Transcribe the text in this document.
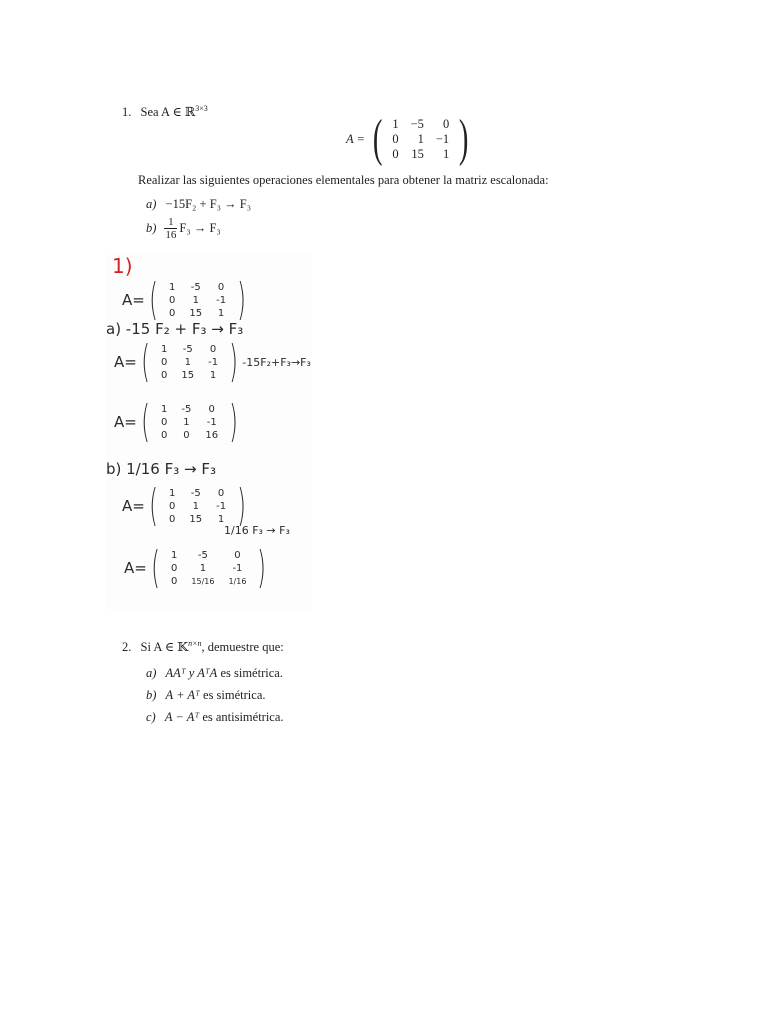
1. Sea A ∈ ℝ$^{3\times 3}$
A = ( 1	−5	0
0	1	−1
0	15	1 )
Realizar las siguientes operaciones elementales para obtener la matriz escalonada:
a) −15F₂ + F₃ → F₃
$b) \frac{1}{16} F_3 \to F_3$
1)
A= ( 1	-5	0
0	1	-1
0	15	1 )
a) -15 F₂ + F₃ → F₃
A= ( 1	-5	0
0	1	-1
0	15	1 ) -15F₂+F₃→F₃
A= ( 1	-5	0
0	1	-1
0	0	16 )
b) 1/16 F₃ → F₃
A= ( 1	-5	0
0	1	-1
0	15	1 )
1/16 F₃ → F₃
A= ( 1	-5	0
0	1	-1
0	15/16	1/16 )
2. Si A ∈ 𝕂$^{n\times n}$, demuestre que:
a) AAᵀ y AᵀA es simétrica.
b) A + Aᵀ es simétrica.
c) A − Aᵀ es antisimétrica.
